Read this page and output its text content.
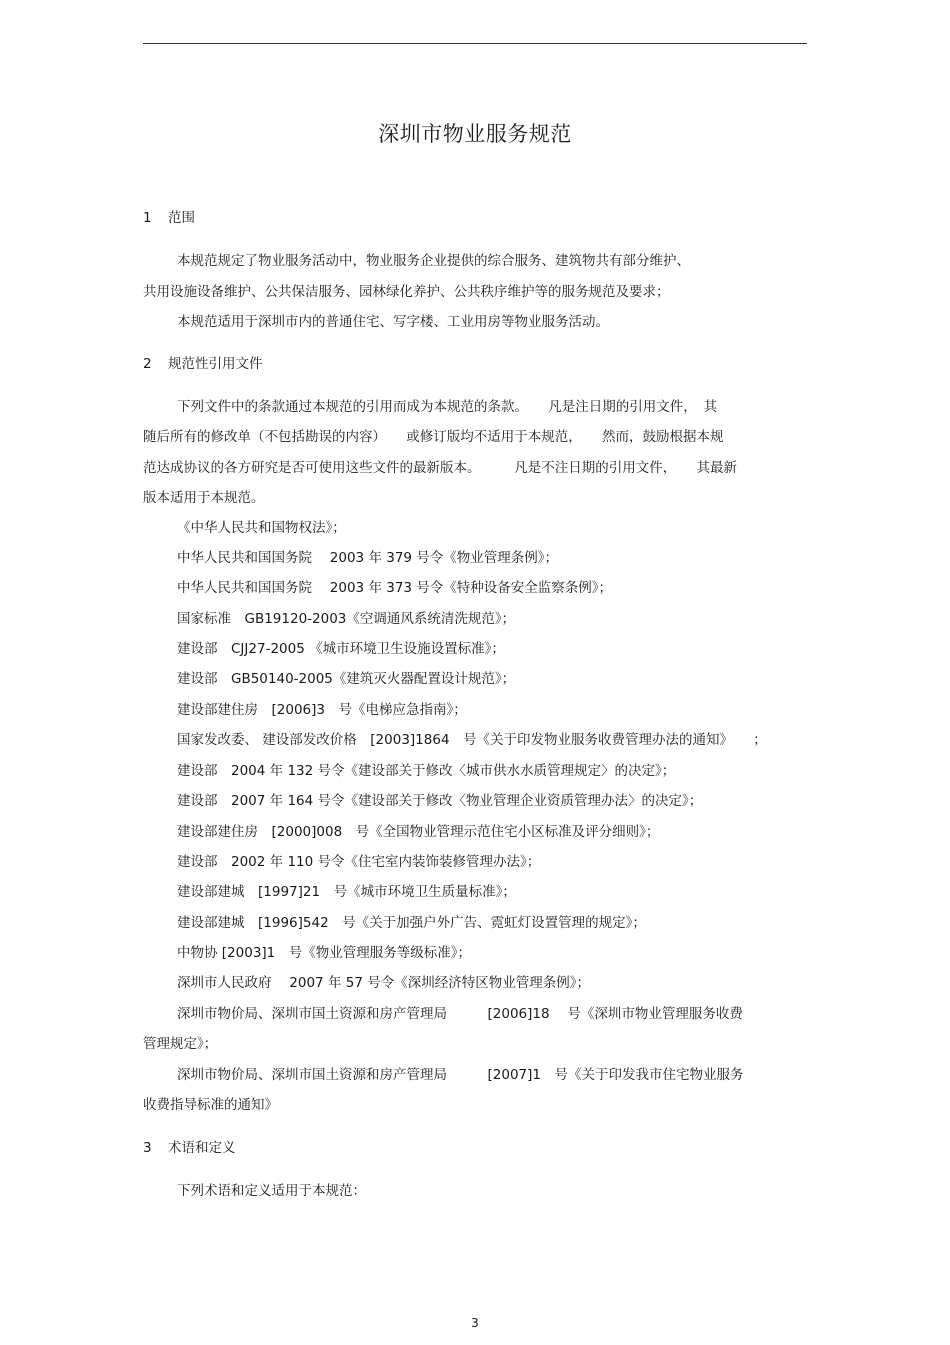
深圳市物业服务规范
1 范围
本规范规定了物业服务活动中，物业服务企业提供的综合服务、建筑物共有部分维护、
共用设施设备维护、公共保洁服务、园林绿化养护、公共秩序维护等的服务规范及要求；
本规范适用于深圳市内的普通住宅、写字楼、工业用房等物业服务活动。
2 规范性引用文件
下列文件中的条款通过本规范的引用而成为本规范的条款。　　凡是注日期的引用文件，　其
随后所有的修改单（不包括勘误的内容）　　或修订版均不适用于本规范，　　然而，鼓励根据本规
范达成协议的各方研究是否可使用这些文件的最新版本。　　　凡是不注日期的引用文件，　　其最新
版本适用于本规范。
《中华人民共和国物权法》；
中华人民共和国国务院　 2003 年 379 号令《物业管理条例》；
中华人民共和国国务院　 2003 年 373 号令《特种设备安全监察条例》；
国家标准　GB19120-2003《空调通风系统清洗规范》；
建设部　CJJ27-2005 《城市环境卫生设施设置标准》；
建设部　GB50140-2005《建筑灭火器配置设计规范》；
建设部建住房　[2006]3　号《电梯应急指南》；
国家发改委、 建设部发改价格　[2003]1864　号《关于印发物业服务收费管理办法的通知》　　；
建设部　2004 年 132 号令《建设部关于修改〈城市供水水质管理规定〉的决定》；
建设部　2007 年 164 号令《建设部关于修改〈物业管理企业资质管理办法〉的决定》；
建设部建住房　[2000]008　号《全国物业管理示范住宅小区标准及评分细则》；
建设部　2002 年 110 号令《住宅室内装饰装修管理办法》；
建设部建城　[1997]21　号《城市环境卫生质量标准》；
建设部建城　[1996]542　号《关于加强户外广告、霓虹灯设置管理的规定》；
中物协 [2003]1　号《物业管理服务等级标准》；
深圳市人民政府　 2007 年 57 号令《深圳经济特区物业管理条例》；
深圳市物价局、深圳市国土资源和房产管理局　　　[2006]18　 号《深圳市物业管理服务收费
管理规定》；
深圳市物价局、深圳市国土资源和房产管理局　　　[2007]1　号《关于印发我市住宅物业服务
收费指导标准的通知》
3 术语和定义
下列术语和定义适用于本规范：
3
